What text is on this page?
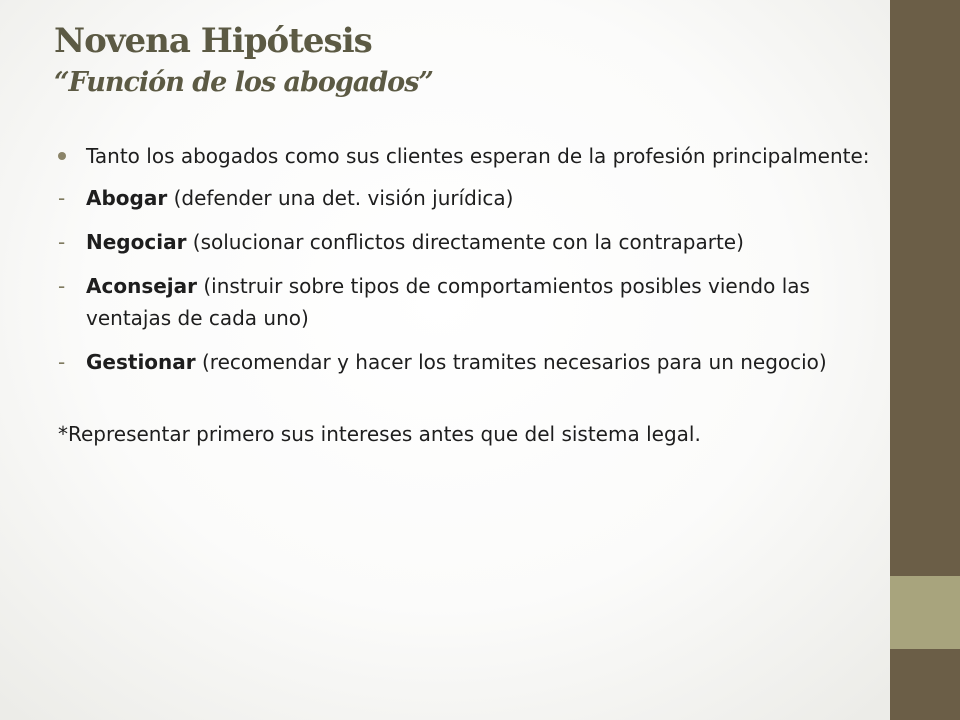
Novena Hipótesis
“Función de los abogados”
Tanto los abogados como sus clientes esperan de la profesión principalmente:
-	Abogar (defender una det. visión jurídica)
-	Negociar (solucionar conflictos directamente con la contraparte)
-	Aconsejar (instruir sobre tipos de comportamientos posibles viendo las ventajas de cada uno)
-	Gestionar (recomendar y hacer los tramites necesarios para un negocio)
*Representar primero sus intereses antes que del sistema legal.
